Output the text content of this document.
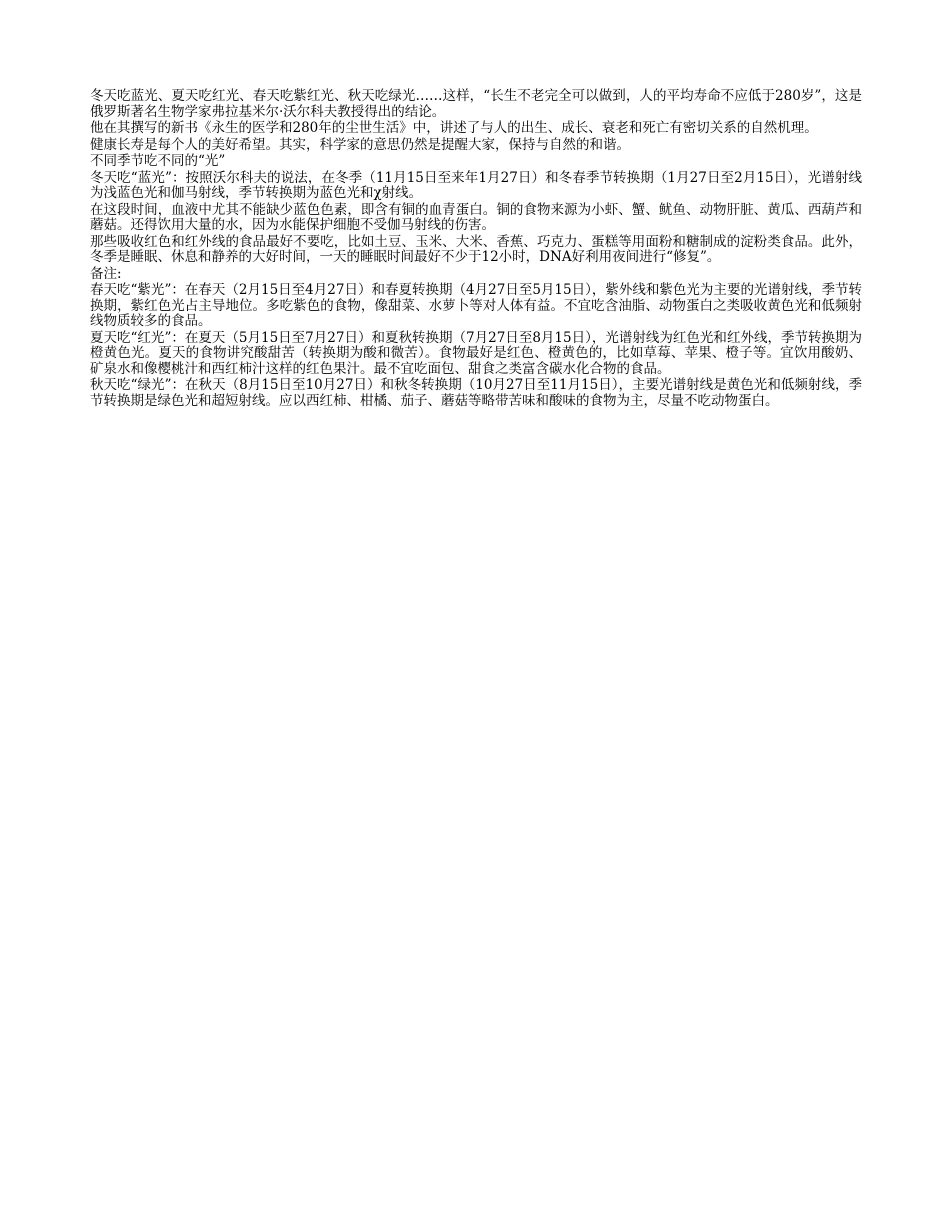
冬天吃蓝光、夏天吃红光、春天吃紫红光、秋天吃绿光……这样，“长生不老完全可以做到，人的平均寿命不应低于280岁”，这是俄罗斯著名生物学家弗拉基米尔·沃尔科夫教授得出的结论。

他在其撰写的新书《永生的医学和280年的尘世生活》中，讲述了与人的出生、成长、衰老和死亡有密切关系的自然机理。

健康长寿是每个人的美好希望。其实，科学家的意思仍然是提醒大家，保持与自然的和谐。

不同季节吃不同的“光”

冬天吃“蓝光”：按照沃尔科夫的说法，在冬季（11月15日至来年1月27日）和冬春季节转换期（1月27日至2月15日），光谱射线为浅蓝色光和伽马射线，季节转换期为蓝色光和χ射线。

在这段时间，血液中尤其不能缺少蓝色色素，即含有铜的血青蛋白。铜的食物来源为小虾、蟹、鱿鱼、动物肝脏、黄瓜、西葫芦和蘑菇。还得饮用大量的水，因为水能保护细胞不受伽马射线的伤害。

那些吸收红色和红外线的食品最好不要吃，比如土豆、玉米、大米、香蕉、巧克力、蛋糕等用面粉和糖制成的淀粉类食品。此外，冬季是睡眠、休息和静养的大好时间，一天的睡眠时间最好不少于12小时，DNA好利用夜间进行“修复”。

备注:

春天吃“紫光”：在春天（2月15日至4月27日）和春夏转换期（4月27日至5月15日），紫外线和紫色光为主要的光谱射线，季节转换期，紫红色光占主导地位。多吃紫色的食物，像甜菜、水萝卜等对人体有益。不宜吃含油脂、动物蛋白之类吸收黄色光和低频射线物质较多的食品。

夏天吃“红光”：在夏天（5月15日至7月27日）和夏秋转换期（7月27日至8月15日），光谱射线为红色光和红外线，季节转换期为橙黄色光。夏天的食物讲究酸甜苦（转换期为酸和微苦）。食物最好是红色、橙黄色的，比如草莓、苹果、橙子等。宜饮用酸奶、矿泉水和像樱桃汁和西红柿汁这样的红色果汁。最不宜吃面包、甜食之类富含碳水化合物的食品。

秋天吃“绿光”：在秋天（8月15日至10月27日）和秋冬转换期（10月27日至11月15日），主要光谱射线是黄色光和低频射线，季节转换期是绿色光和超短射线。应以西红柿、柑橘、茄子、蘑菇等略带苦味和酸味的食物为主，尽量不吃动物蛋白。
